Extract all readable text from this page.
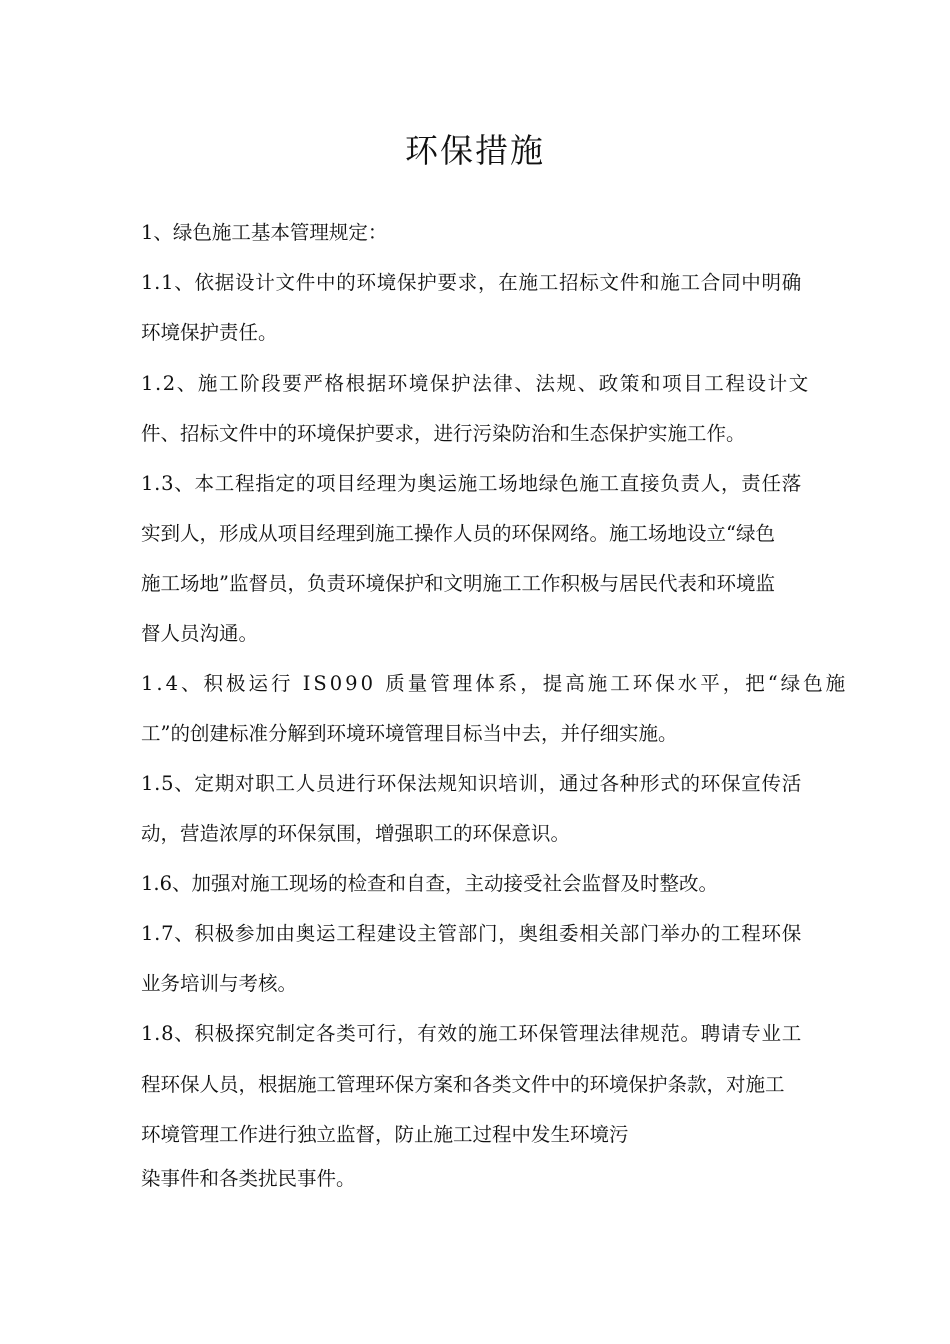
环保措施
1、绿色施工基本管理规定：
1.1、依据设计文件中的环境保护要求，在施工招标文件和施工合同中明确
环境保护责任。
1.2、施工阶段要严格根据环境保护法律、法规、政策和项目工程设计文
件、招标文件中的环境保护要求，进行污染防治和生态保护实施工作。
1.3、本工程指定的项目经理为奥运施工场地绿色施工直接负责人，责任落
实到人，形成从项目经理到施工操作人员的环保网络。施工场地设立“绿色
施工场地”监督员，负责环境保护和文明施工工作积极与居民代表和环境监
督人员沟通。
1.4、积极运行 IS090 质量管理体系，提高施工环保水平，把“绿色施
工”的创建标准分解到环境环境管理目标当中去，并仔细实施。
1.5、定期对职工人员进行环保法规知识培训，通过各种形式的环保宣传活
动，营造浓厚的环保氛围，增强职工的环保意识。
1.6、加强对施工现场的检查和自查，主动接受社会监督及时整改。
1.7、积极参加由奥运工程建设主管部门，奥组委相关部门举办的工程环保
业务培训与考核。
1.8、积极探究制定各类可行，有效的施工环保管理法律规范。聘请专业工
程环保人员，根据施工管理环保方案和各类文件中的环境保护条款，对施工
环境管理工作进行独立监督，防止施工过程中发生环境污
染事件和各类扰民事件。
